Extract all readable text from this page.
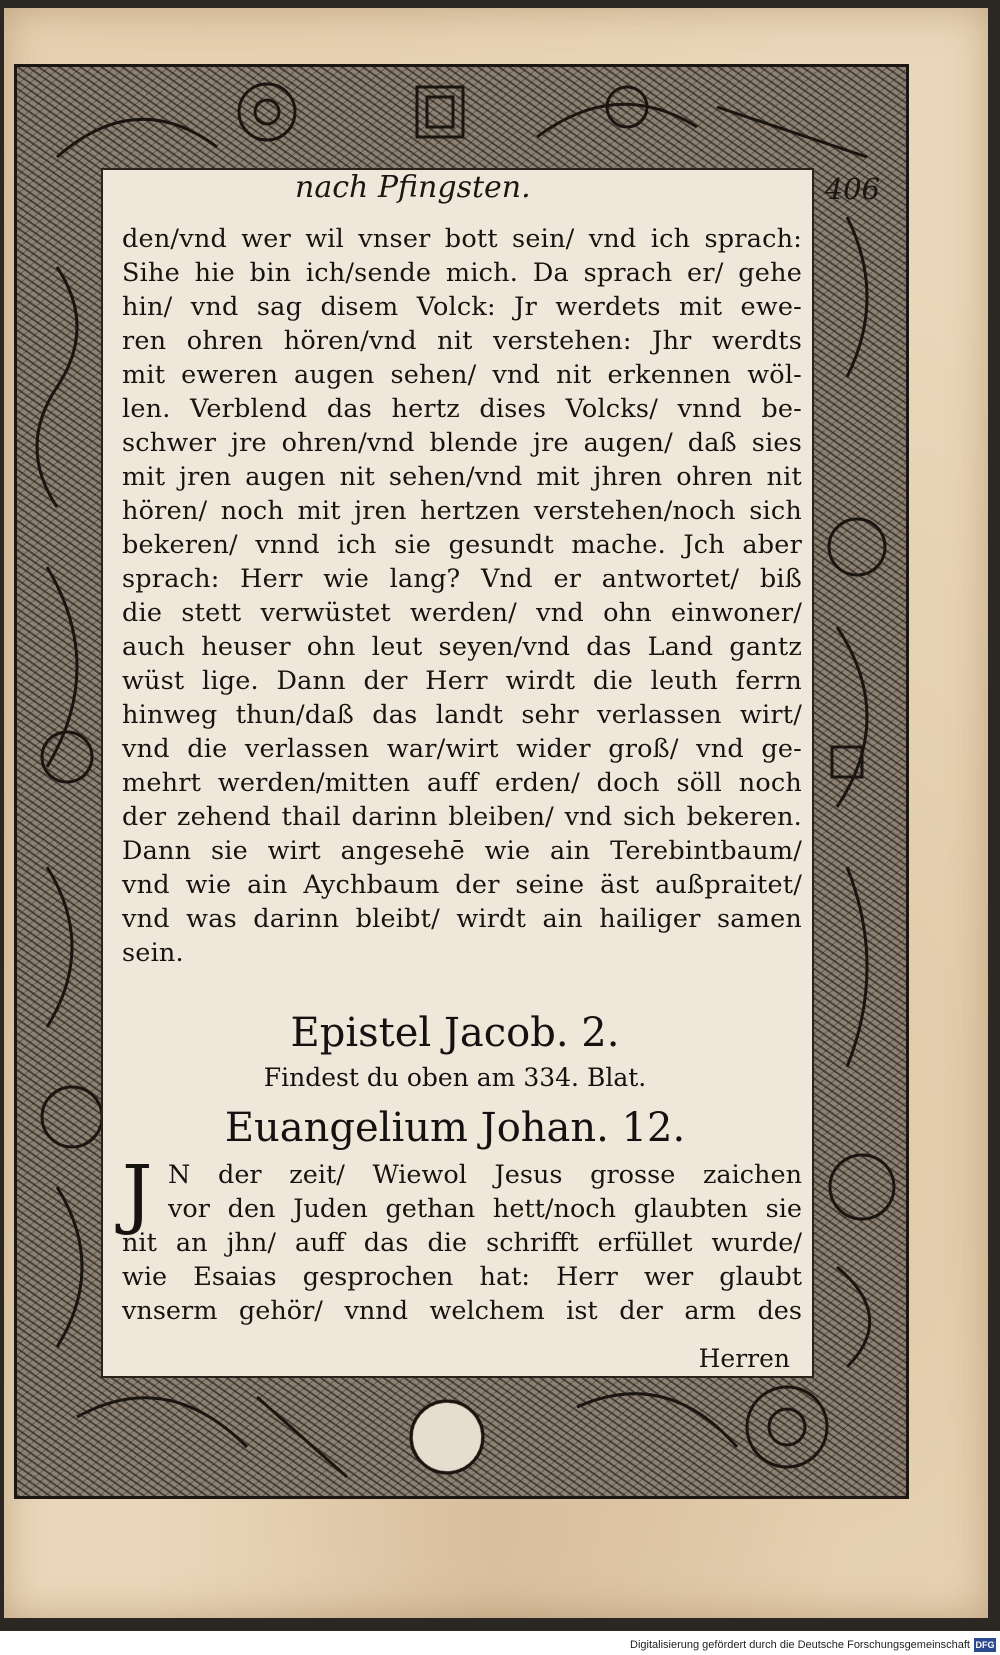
nach Pfingsten.	406
den/vnd wer wil vnser bott sein/ vnd ich sprach:
Sihe hie bin ich/sende mich. Da sprach er/ gehe
hin/ vnd sag disem Volck: Jr werdets mit ewe-
ren ohren hören/vnd nit verstehen: Jhr werdts
mit eweren augen sehen/ vnd nit erkennen wöl-
len. Verblend das hertz dises Volcks/ vnnd be-
schwer jre ohren/vnd blende jre augen/ daß sies
mit jren augen nit sehen/vnd mit jhren ohren nit
hören/ noch mit jren hertzen verstehen/noch sich
bekeren/ vnnd ich sie gesundt mache. Jch aber
sprach: Herr wie lang? Vnd er antwortet/ biß
die stett verwüstet werden/ vnd ohn einwoner/
auch heuser ohn leut seyen/vnd das Land gantz
wüst lige. Dann der Herr wirdt die leuth ferrn
hinweg thun/daß das landt sehr verlassen wirt/
vnd die verlassen war/wirt wider groß/ vnd ge-
mehrt werden/mitten auff erden/ doch söll noch
der zehend thail darinn bleiben/ vnd sich bekeren.
Dann sie wirt angesehē wie ain Terebintbaum/
vnd wie ain Aychbaum der seine äst außpraitet/
vnd was darinn bleibt/ wirdt ain hailiger samen
sein.
Epistel Jacob. 2.
Findest du oben am 334. Blat.
Euangelium Johan. 12.
J N der zeit/ Wiewol Jesus grosse zaichen
vor den Juden gethan hett/noch glaubten sie
nit an jhn/ auff das die schrifft erfüllet wurde/
wie Esaias gesprochen hat: Herr wer glaubt
vnserm gehör/ vnnd welchem ist der arm des
Herren
Digitalisierung gefördert durch die Deutsche Forschungsgemeinschaft DFG
